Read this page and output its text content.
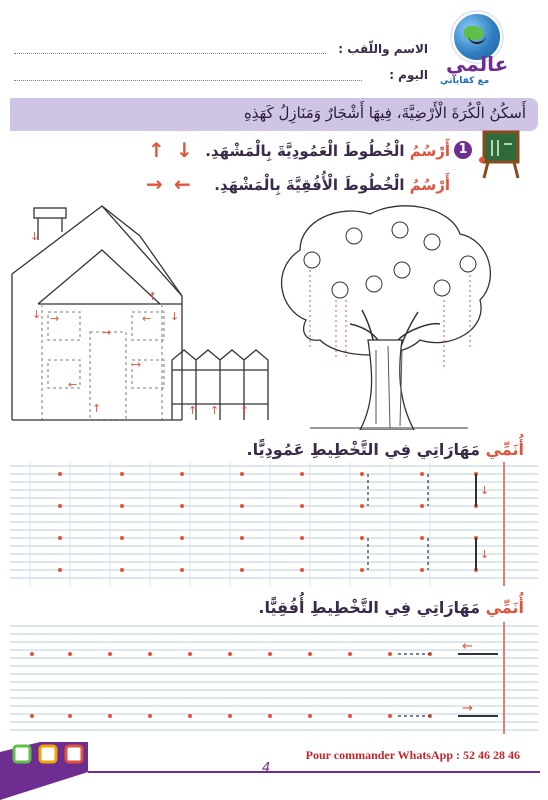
عالمي
مع كفاياتي
الاسم واللّقب :
اليوم :
أَسكُنُ الْكُرَةَ الْأَرْضِيَّةَ، فِيهَا أَشْجَارٌ وَمَنَازِلُ كَهَذِهِ
1
أَرْسُمُ الْخُطُوطَ الْعَمُودِيَّةَ بِالْمَشْهَدِ.
↑ ↓
أَرْسُمُ الْخُطُوطَ الْأُفُقِيَّةَ بِالْمَشْهَدِ.
→ ←
↓
↑
↓ →	← ↓
←
→
↑
→
↑ ↑ ↑
أُنَمِّي مَهَارَاتِي فِي التَّخْطِيطِ عَمُودِيًّا.
↓
↓
أُنَمِّي مَهَارَاتِي فِي التَّخْطِيطِ أُفُقِيًّا.
←
→
Pour commander WhatsApp : 52 46 28 46
4
